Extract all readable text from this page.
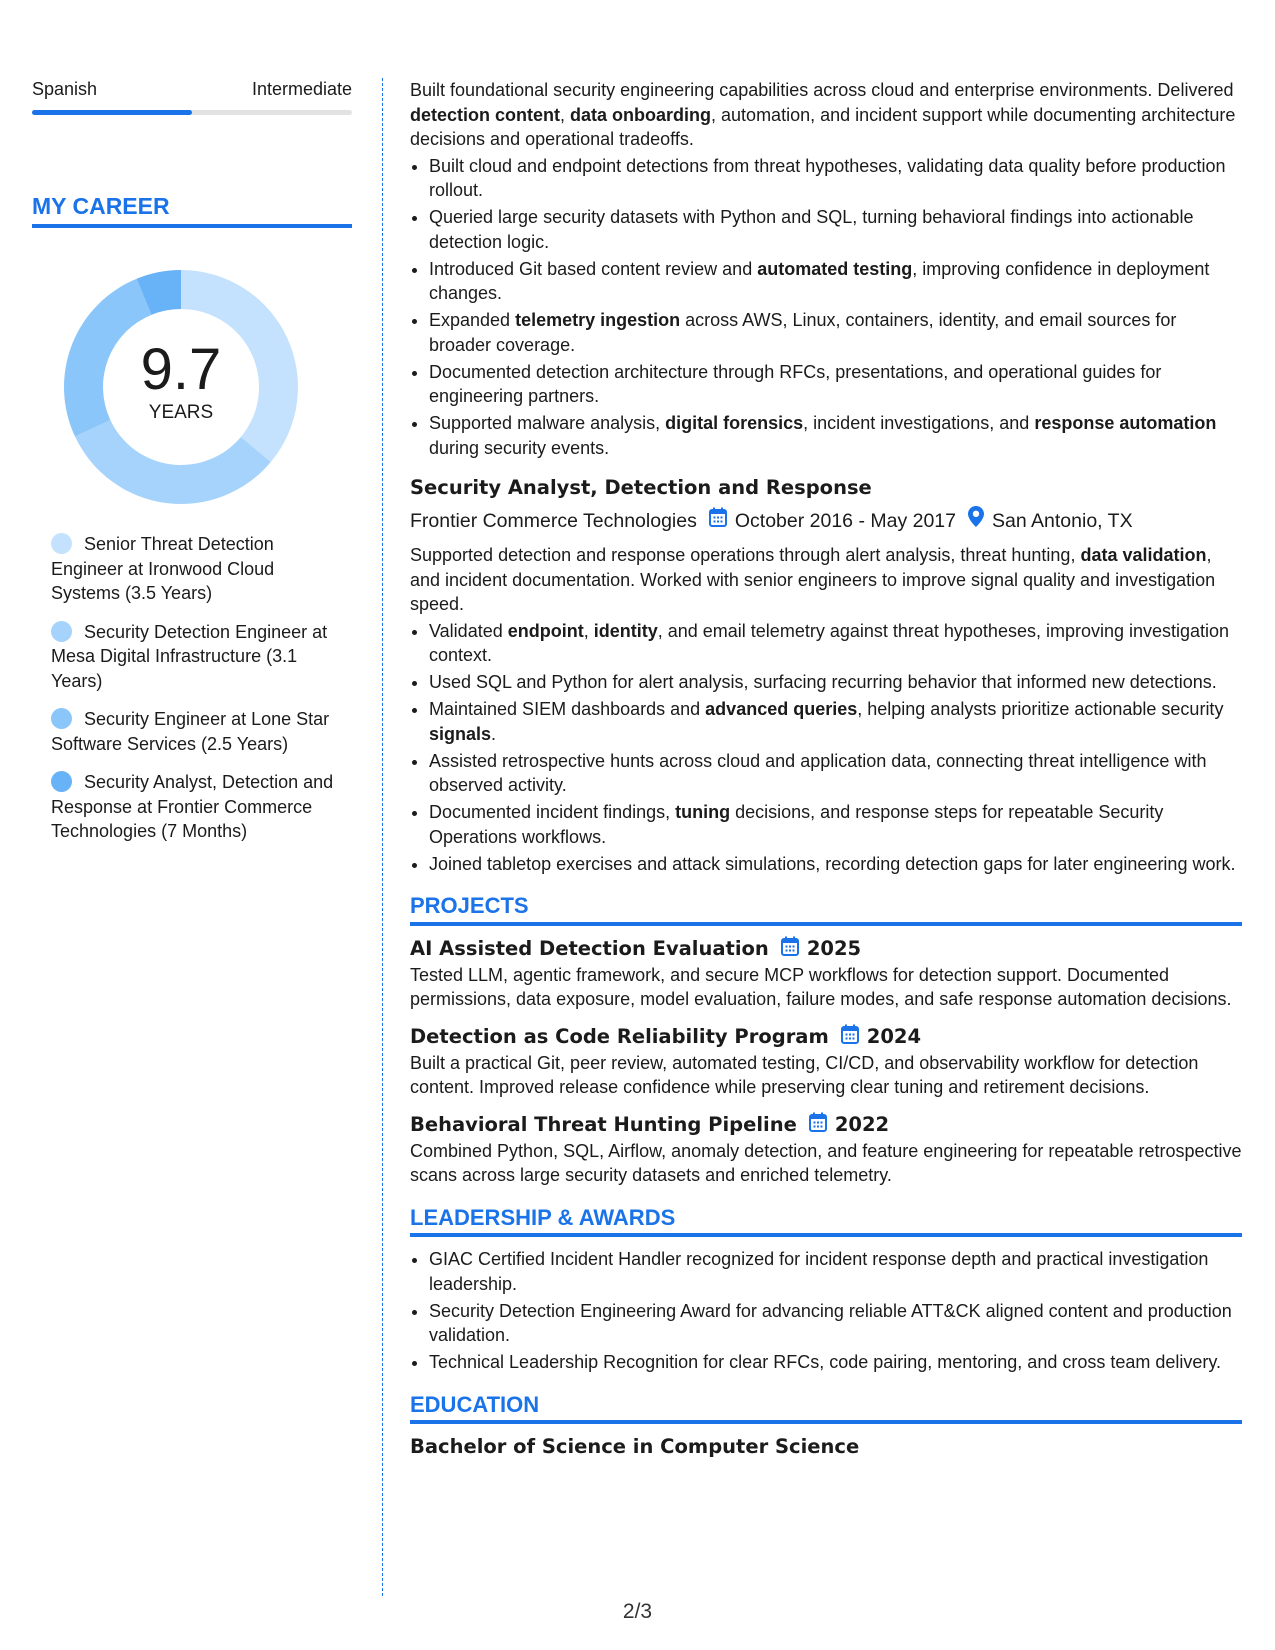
Spanish	Intermediate
MY CAREER
9.7
YEARS
Senior Threat Detection Engineer at Ironwood Cloud Systems (3.5 Years)
Security Detection Engineer at Mesa Digital Infrastructure (3.1 Years)
Security Engineer at Lone Star Software Services (2.5 Years)
Security Analyst, Detection and Response at Frontier Commerce Technologies (7 Months)

Built foundational security engineering capabilities across cloud and enterprise environments. Delivered detection content, data onboarding, automation, and incident support while documenting architecture decisions and operational tradeoffs.

• Built cloud and endpoint detections from threat hypotheses, validating data quality before production rollout.
• Queried large security datasets with Python and SQL, turning behavioral findings into actionable detection logic.
• Introduced Git based content review and automated testing, improving confidence in deployment changes.
• Expanded telemetry ingestion across AWS, Linux, containers, identity, and email sources for broader coverage.
• Documented detection architecture through RFCs, presentations, and operational guides for engineering partners.
• Supported malware analysis, digital forensics, incident investigations, and response automation during security events.
Security Analyst, Detection and Response
Frontier Commerce Technologies October 2016 - May 2017 San Antonio, TX

Supported detection and response operations through alert analysis, threat hunting, data validation, and incident documentation. Worked with senior engineers to improve signal quality and investigation speed.

• Validated endpoint, identity, and email telemetry against threat hypotheses, improving investigation context.
• Used SQL and Python for alert analysis, surfacing recurring behavior that informed new detections.
• Maintained SIEM dashboards and advanced queries, helping analysts prioritize actionable security signals.
• Assisted retrospective hunts across cloud and application data, connecting threat intelligence with observed activity.
• Documented incident findings, tuning decisions, and response steps for repeatable Security Operations workflows.
• Joined tabletop exercises and attack simulations, recording detection gaps for later engineering work.
PROJECTS
AI Assisted Detection Evaluation 2025

Tested LLM, agentic framework, and secure MCP workflows for detection support. Documented permissions, data exposure, model evaluation, failure modes, and safe response automation decisions.

Detection as Code Reliability Program 2024

Built a practical Git, peer review, automated testing, CI/CD, and observability workflow for detection content. Improved release confidence while preserving clear tuning and retirement decisions.

Behavioral Threat Hunting Pipeline 2022

Combined Python, SQL, Airflow, anomaly detection, and feature engineering for repeatable retrospective scans across large security datasets and enriched telemetry.

LEADERSHIP & AWARDS
• GIAC Certified Incident Handler recognized for incident response depth and practical investigation leadership.
• Security Detection Engineering Award for advancing reliable ATT&CK aligned content and production validation.
• Technical Leadership Recognition for clear RFCs, code pairing, mentoring, and cross team delivery.
EDUCATION
Bachelor of Science in Computer Science
2/3
